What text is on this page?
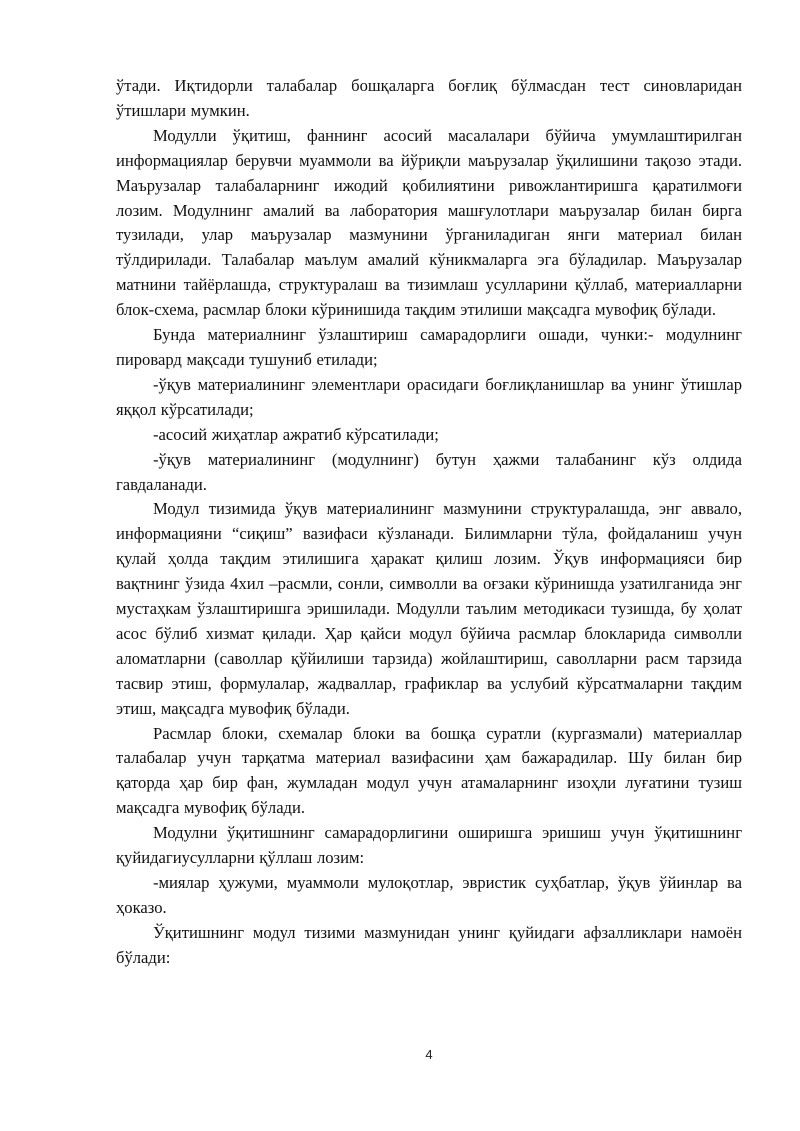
ўтади. Иқтидорли талабалар бошқаларга боғлиқ бўлмасдан тест синовларидан ўтишлари мумкин.

Модулли ўқитиш, фаннинг асосий масалалари бўйича умумлаштирилган информациялар берувчи муаммоли ва йўриқли маърузалар ўқилишини тақозо этади. Маърузалар талабаларнинг ижодий қобилиятини ривожлантиришга қаратилмоғи лозим. Модулнинг амалий ва лаборатория машғулотлари маърузалар билан бирга тузилади, улар маърузалар мазмунини ўрганиладиган янги материал билан тўлдирилади. Талабалар маълум амалий кўникмаларга эга бўладилар. Маърузалар матнини тайёрлашда, структуралаш ва тизимлаш усулларини қўллаб, материалларни блок-схема, расмлар блоки кўринишида тақдим этилиши мақсадга мувофиқ бўлади.

Бунда материалнинг ўзлаштириш самарадорлиги ошади, чунки:- модулнинг пировард мақсади тушуниб етилади;

-ўқув материалининг элементлари орасидаги боғлиқланишлар ва унинг ўтишлар яққол кўрсатилади;

-асосий жиҳатлар ажратиб кўрсатилади;

-ўқув материалининг (модулнинг) бутун ҳажми талабанинг кўз олдида гавдаланади.

Модул тизимида ўқув материалининг мазмунини структуралашда, энг аввало, информацияни “сиқиш” вазифаси кўзланади. Билимларни тўла, фойдаланиш учун қулай ҳолда тақдим этилишига ҳаракат қилиш лозим. Ўқув информацияси бир вақтнинг ўзида 4хил –расмли, сонли, символли ва оғзаки кўринишда узатилганида энг мустаҳкам ўзлаштиришга эришилади. Модулли таълим методикаси тузишда, бу ҳолат асос бўлиб хизмат қилади. Ҳар қайси модул бўйича расмлар блокларида символли аломатларни (саволлар қўйилиши тарзида) жойлаштириш, саволларни расм тарзида тасвир этиш, формулалар, жадваллар, графиклар ва услубий кўрсатмаларни тақдим этиш, мақсадга мувофиқ бўлади.

Расмлар блоки, схемалар блоки ва бошқа суратли (кургазмали) материаллар талабалар учун тарқатма материал вазифасини ҳам бажарадилар. Шу билан бир қаторда ҳар бир фан, жумладан модул учун атамаларнинг изоҳли луғатини тузиш мақсадга мувофиқ бўлади.

Модулни ўқитишнинг самарадорлигини оширишга эришиш учун ўқитишнинг қуйидагиусулларни қўллаш лозим:

-миялар ҳужуми, муаммоли мулоқотлар, эвристик суҳбатлар, ўқув ўйинлар ва ҳоказо.

Ўқитишнинг модул тизими мазмунидан унинг қуйидаги афзалликлари намоён бўлади:

4
